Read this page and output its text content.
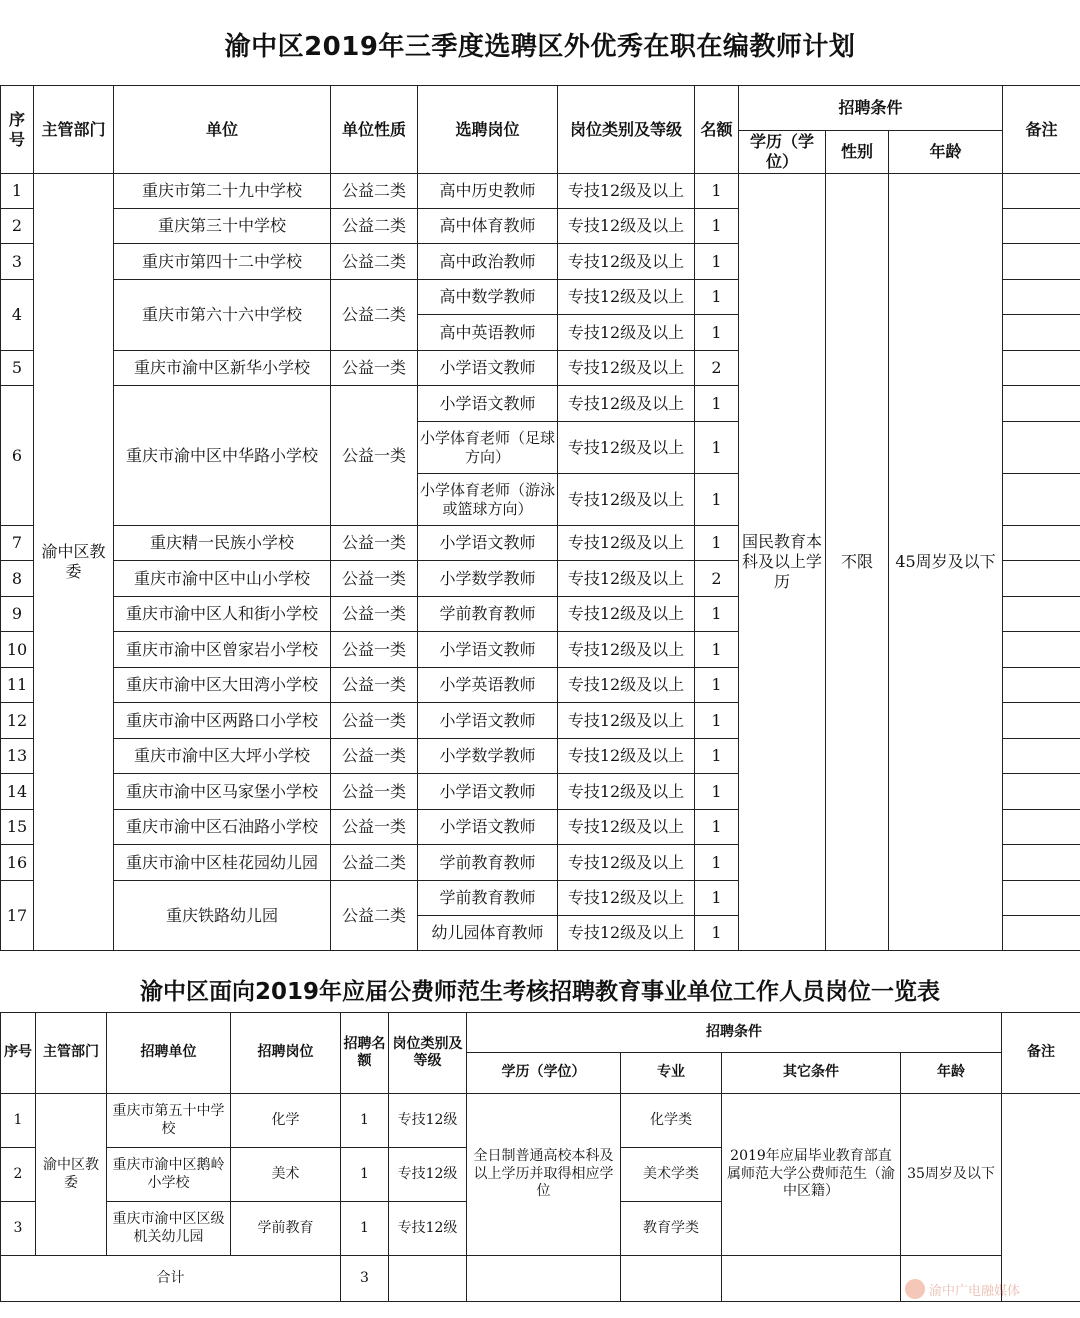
渝中区2019年三季度选聘区外优秀在职在编教师计划
序号	主管部门	单位	单位性质	选聘岗位	岗位类别及等级	名额	招聘条件			备注
							学历（学位）	性别	年龄	
1	渝中区教委	重庆市第二十九中学校	公益二类	高中历史教师	专技12级及以上	1	国民教育本科及以上学历	不限	45周岁及以下	
2		重庆第三十中学校	公益二类	高中体育教师	专技12级及以上	1				
3		重庆市第四十二中学校	公益二类	高中政治教师	专技12级及以上	1				
4		重庆市第六十六中学校	公益二类	高中数学教师	专技12级及以上	1				
				高中英语教师	专技12级及以上	1				
5		重庆市渝中区新华小学校	公益一类	小学语文教师	专技12级及以上	2				
6		重庆市渝中区中华路小学校	公益一类	小学语文教师	专技12级及以上	1				
				小学体育老师（足球方向）	专技12级及以上	1				
				小学体育老师（游泳或篮球方向）	专技12级及以上	1				
7		重庆精一民族小学校	公益一类	小学语文教师	专技12级及以上	1				
8		重庆市渝中区中山小学校	公益一类	小学数学教师	专技12级及以上	2				
9		重庆市渝中区人和街小学校	公益一类	学前教育教师	专技12级及以上	1				
10		重庆市渝中区曾家岩小学校	公益一类	小学语文教师	专技12级及以上	1				
11		重庆市渝中区大田湾小学校	公益一类	小学英语教师	专技12级及以上	1				
12		重庆市渝中区两路口小学校	公益一类	小学语文教师	专技12级及以上	1				
13		重庆市渝中区大坪小学校	公益一类	小学数学教师	专技12级及以上	1				
14		重庆市渝中区马家堡小学校	公益一类	小学语文教师	专技12级及以上	1				
15		重庆市渝中区石油路小学校	公益一类	小学语文教师	专技12级及以上	1				
16		重庆市渝中区桂花园幼儿园	公益二类	学前教育教师	专技12级及以上	1				
17		重庆铁路幼儿园	公益二类	学前教育教师	专技12级及以上	1				
				幼儿园体育教师	专技12级及以上	1				
渝中区面向2019年应届公费师范生考核招聘教育事业单位工作人员岗位一览表
序号	主管部门	招聘单位	招聘岗位	招聘名额	岗位类别及等级	招聘条件				备注
						学历（学位）	专业	其它条件	年龄	
1	渝中区教委	重庆市第五十中学校	化学	1	专技12级	全日制普通高校本科及以上学历并取得相应学位	化学类	2019年应届毕业教育部直属师范大学公费师范生（渝中区籍）	35周岁及以下	
2		重庆市渝中区鹅岭小学校	美术	1	专技12级		美术学类			
3		重庆市渝中区区级机关幼儿园	学前教育	1	专技12级		教育学类			
合计				3						
渝中广电融媒体
